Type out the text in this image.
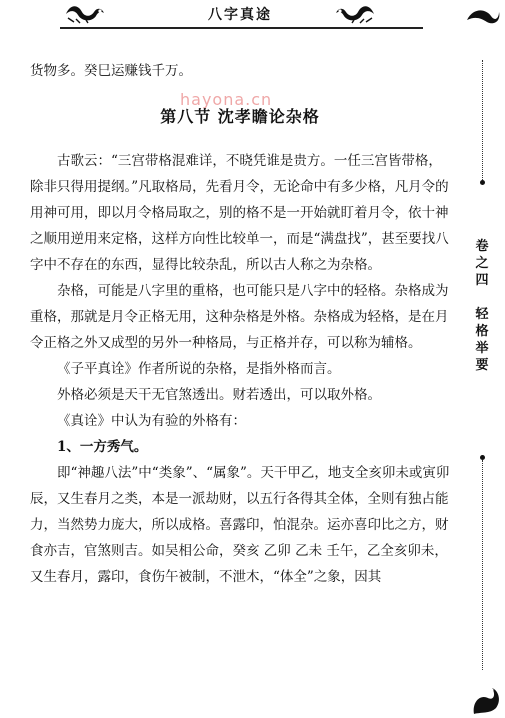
八字真途
hayona.cn

货物多。癸巳运赚钱千万。

第八节 沈孝瞻论杂格

古歌云：“三宫带格混难详，不晓凭谁是贵方。一任三宫皆带格，除非只得用提纲。”凡取格局，先看月令，无论命中有多少格，凡月令的用神可用，即以月令格局取之，别的格不是一开始就盯着月令，依十神之顺用逆用来定格，这样方向性比较单一，而是“满盘找”，甚至要找八字中不存在的东西，显得比较杂乱，所以古人称之为杂格。

杂格，可能是八字里的重格，也可能只是八字中的轻格。杂格成为重格，那就是月令正格无用，这种杂格是外格。杂格成为轻格，是在月令正格之外又成型的另外一种格局，与正格并存，可以称为辅格。

《子平真诠》作者所说的杂格，是指外格而言。

外格必须是天干无官煞透出。财若透出，可以取外格。

《真诠》中认为有验的外格有：

1、一方秀气。

即“神趣八法”中“类象”、“属象”。天干甲乙，地支全亥卯未或寅卯辰，又生春月之类，本是一派劫财，以五行各得其全体，全则有独占能力，当然势力庞大，所以成格。喜露印，怕混杂。运亦喜印比之方，财食亦吉，官煞则吉。如吴相公命，癸亥 乙卯 乙未 壬午，乙全亥卯未，又生春月，露印，食伤午被制，不泄木，“体全”之象，因其

卷
之
四
轻
格
举
要
